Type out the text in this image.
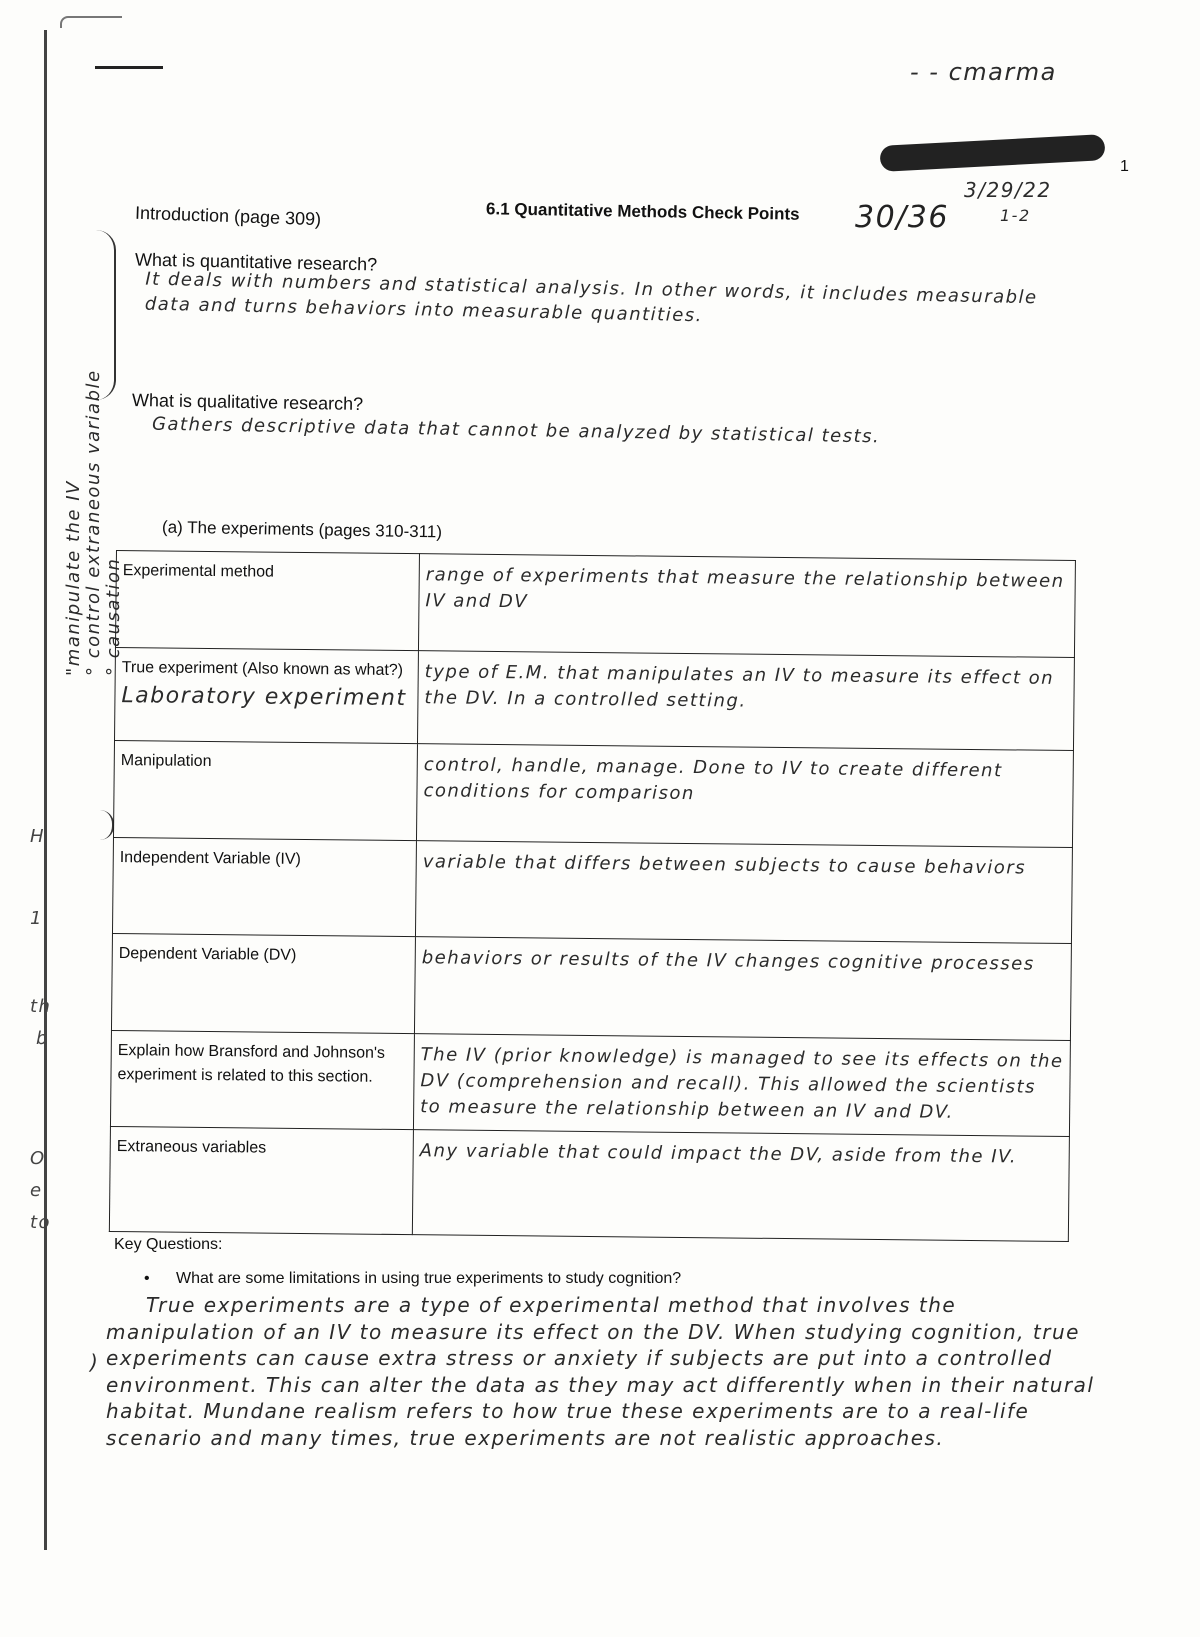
- - cmarma
1
3/29/22
1-2
30/36
6.1 Quantitative Methods Check Points
Introduction (page 309)
What is quantitative research?
It deals with numbers and statistical analysis. In other words, it includes measurable data and turns behaviors into measurable quantities.
What is qualitative research?
Gathers descriptive data that cannot be analyzed by statistical tests.
"manipulate the IV ° control extraneous variable ° causation
(a) The experiments (pages 310-311)
Experimental method	range of experiments that measure the relationship between IV and DV
True experiment (Also known as what?)
Laboratory experiment	type of E.M. that manipulates an IV to measure its effect on the DV. In a controlled setting.
Manipulation	control, handle, manage. Done to IV to create different conditions for comparison
Independent Variable (IV)	variable that differs between subjects to cause behaviors
Dependent Variable (DV)	behaviors or results of the IV changes cognitive processes
Explain how Bransford and Johnson's experiment is related to this section.	The IV (prior knowledge) is managed to see its effects on the DV (comprehension and recall). This allowed the scientists to measure the relationship between an IV and DV.
Extraneous variables	Any variable that could impact the DV, aside from the IV.
Key Questions:
• What are some limitations in using true experiments to study cognition?
True experiments are a type of experimental method that involves the manipulation of an IV to measure its effect on the DV. When studying cognition, true experiments can cause extra stress or anxiety if subjects are put into a controlled environment. This can alter the data as they may act differently when in their natural habitat. Mundane realism refers to how true these experiments are to a real-life scenario and many times, true experiments are not realistic approaches.
)
H
1
th
b
O
e
to
